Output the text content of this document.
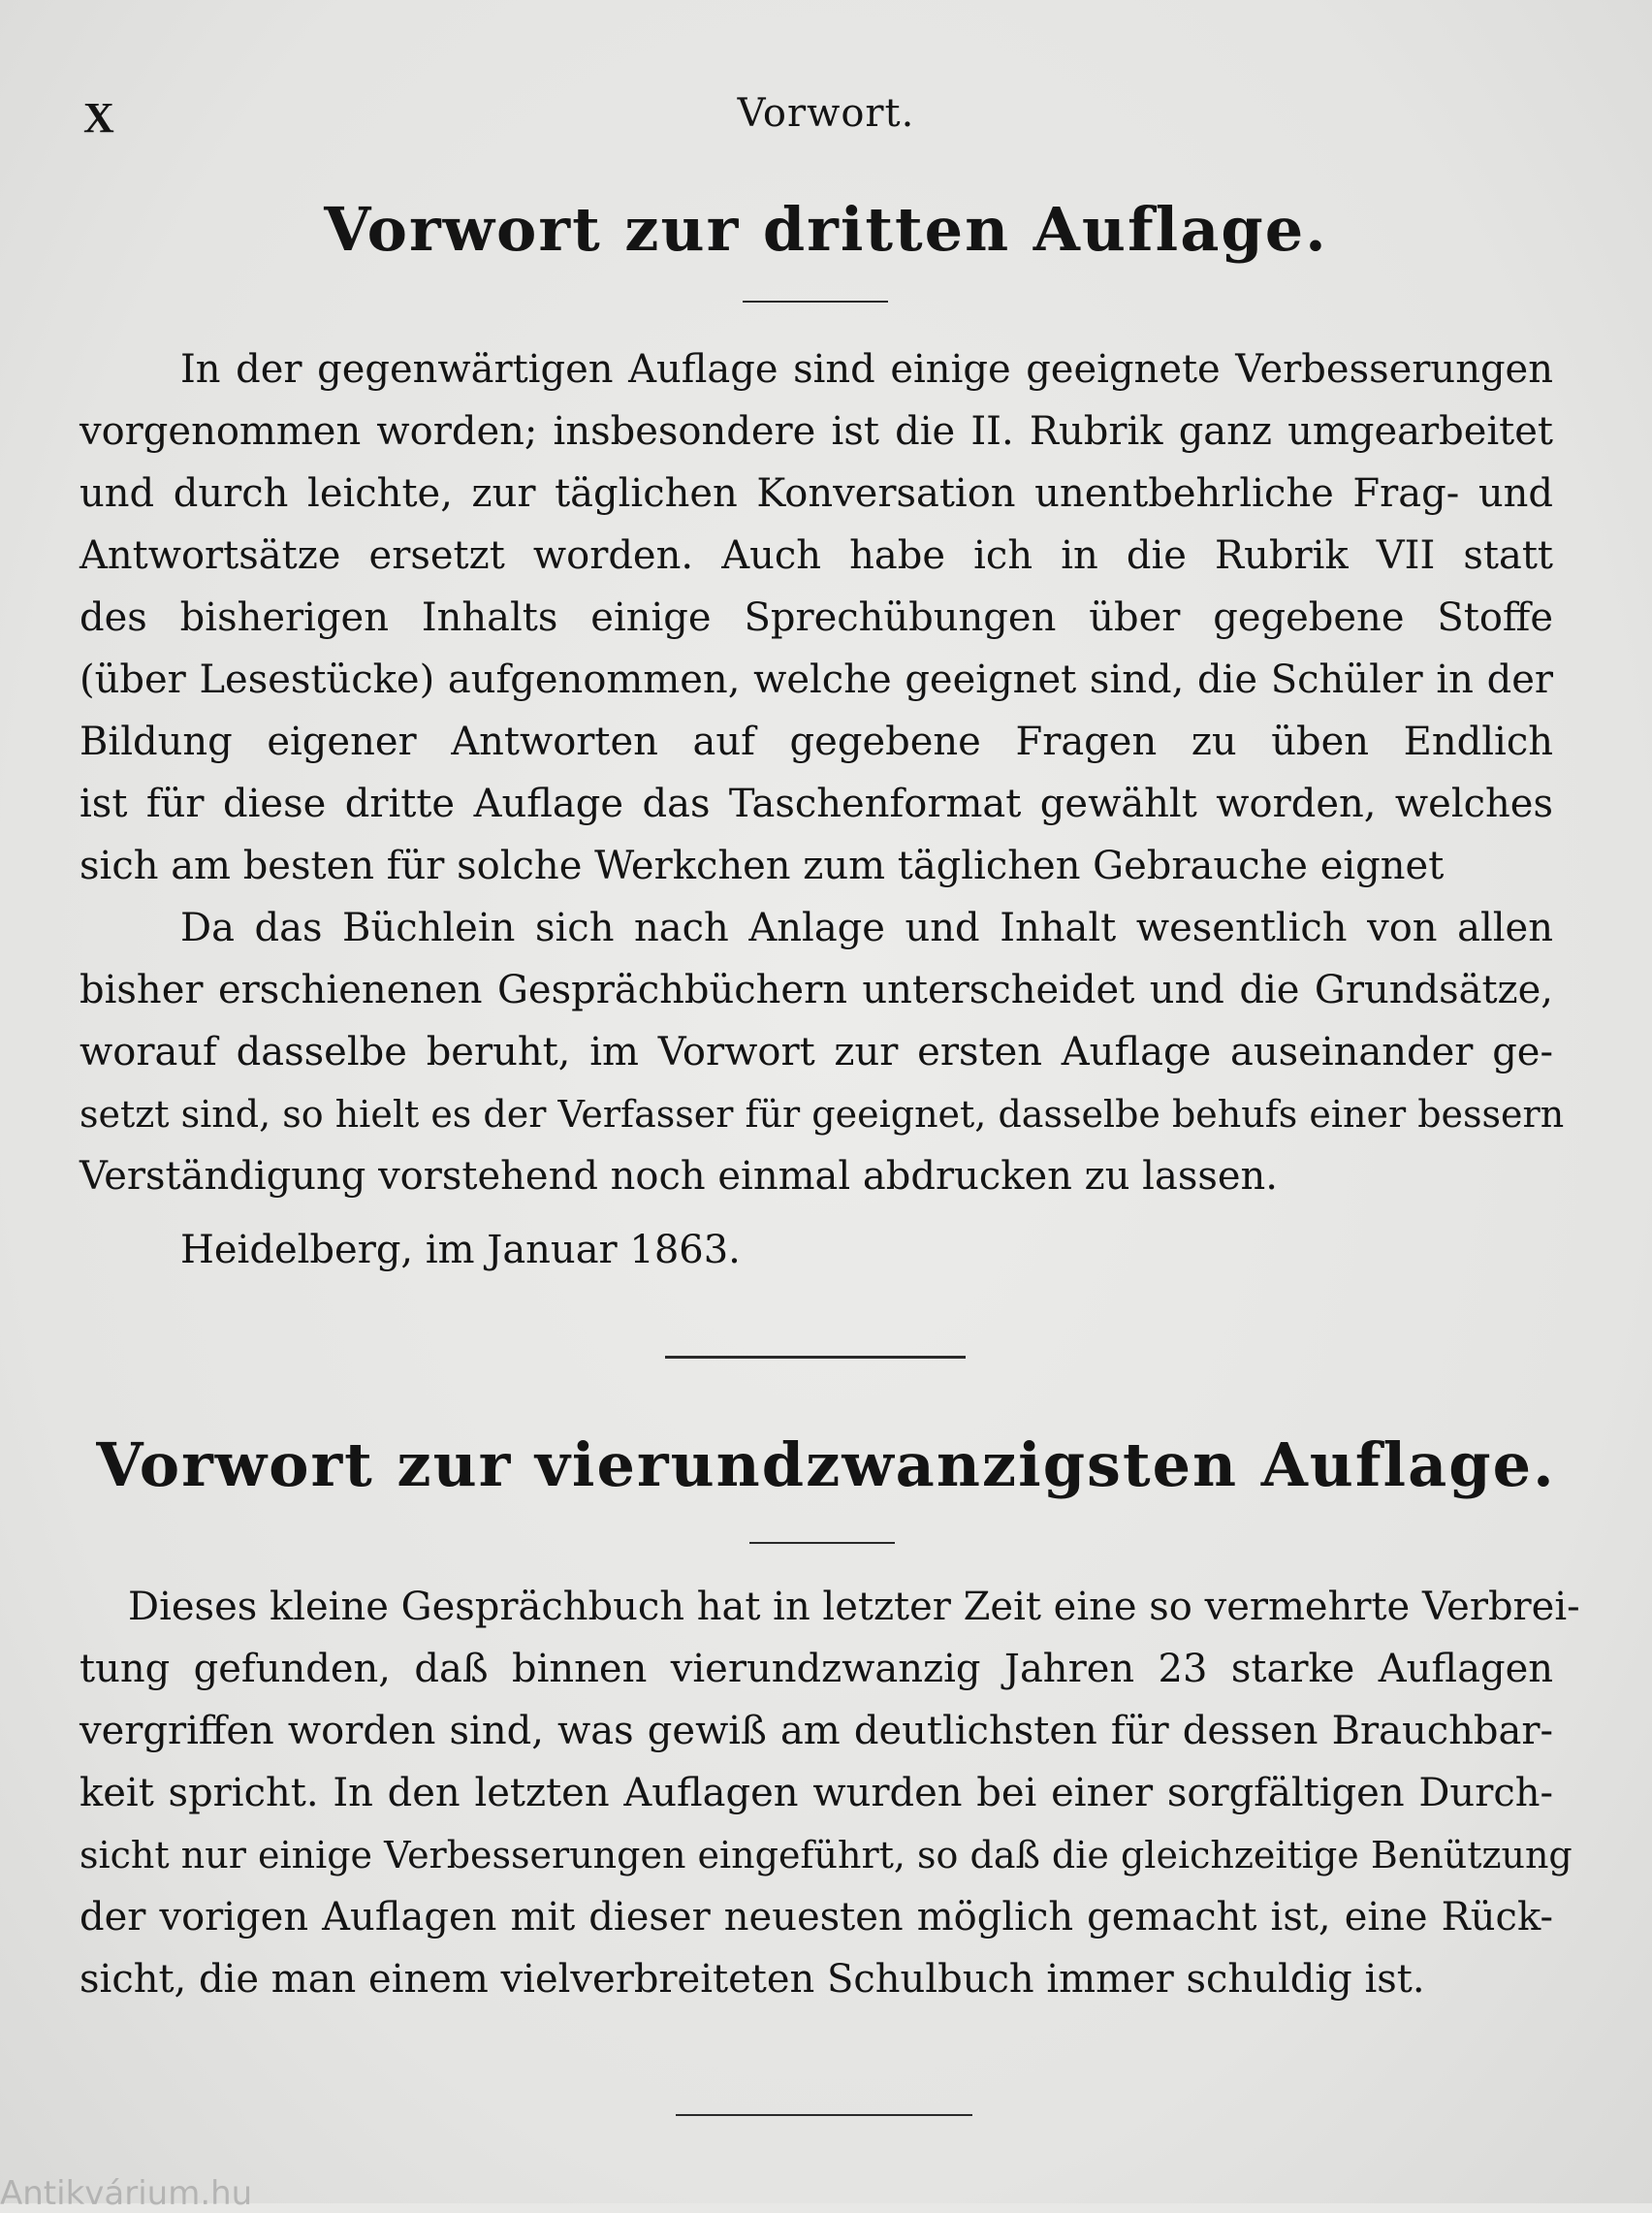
X	Vorwort.
Vorwort zur dritten Auflage.
In der gegenwärtigen Auflage sind einige geeignete Verbesserungen
vorgenommen worden; insbesondere ist die II. Rubrik ganz umgearbeitet
und durch leichte, zur täglichen Konversation unentbehrliche Frag- und
Antwortsätze ersetzt worden. Auch habe ich in die Rubrik VII statt
des bisherigen Inhalts einige Sprechübungen über gegebene Stoffe
(über Lesestücke) aufgenommen, welche geeignet sind, die Schüler in der
Bildung eigener Antworten auf gegebene Fragen zu üben Endlich
ist für diese dritte Auflage das Taschenformat gewählt worden, welches
sich am besten für solche Werkchen zum täglichen Gebrauche eignet
Da das Büchlein sich nach Anlage und Inhalt wesentlich von allen
bisher erschienenen Gesprächbüchern unterscheidet und die Grundsätze,
worauf dasselbe beruht, im Vorwort zur ersten Auflage auseinander ge-
setzt sind, so hielt es der Verfasser für geeignet, dasselbe behufs einer bessern
Verständigung vorstehend noch einmal abdrucken zu lassen.
Heidelberg, im Januar 1863.
Vorwort zur vierundzwanzigsten Auflage.
Dieses kleine Gesprächbuch hat in letzter Zeit eine so vermehrte Verbrei-
tung gefunden, daß binnen vierundzwanzig Jahren 23 starke Auflagen
vergriffen worden sind, was gewiß am deutlichsten für dessen Brauchbar-
keit spricht. In den letzten Auflagen wurden bei einer sorgfältigen Durch-
sicht nur einige Verbesserungen eingeführt, so daß die gleichzeitige Benützung
der vorigen Auflagen mit dieser neuesten möglich gemacht ist, eine Rück-
sicht, die man einem vielverbreiteten Schulbuch immer schuldig ist.
Antikvárium.hu
